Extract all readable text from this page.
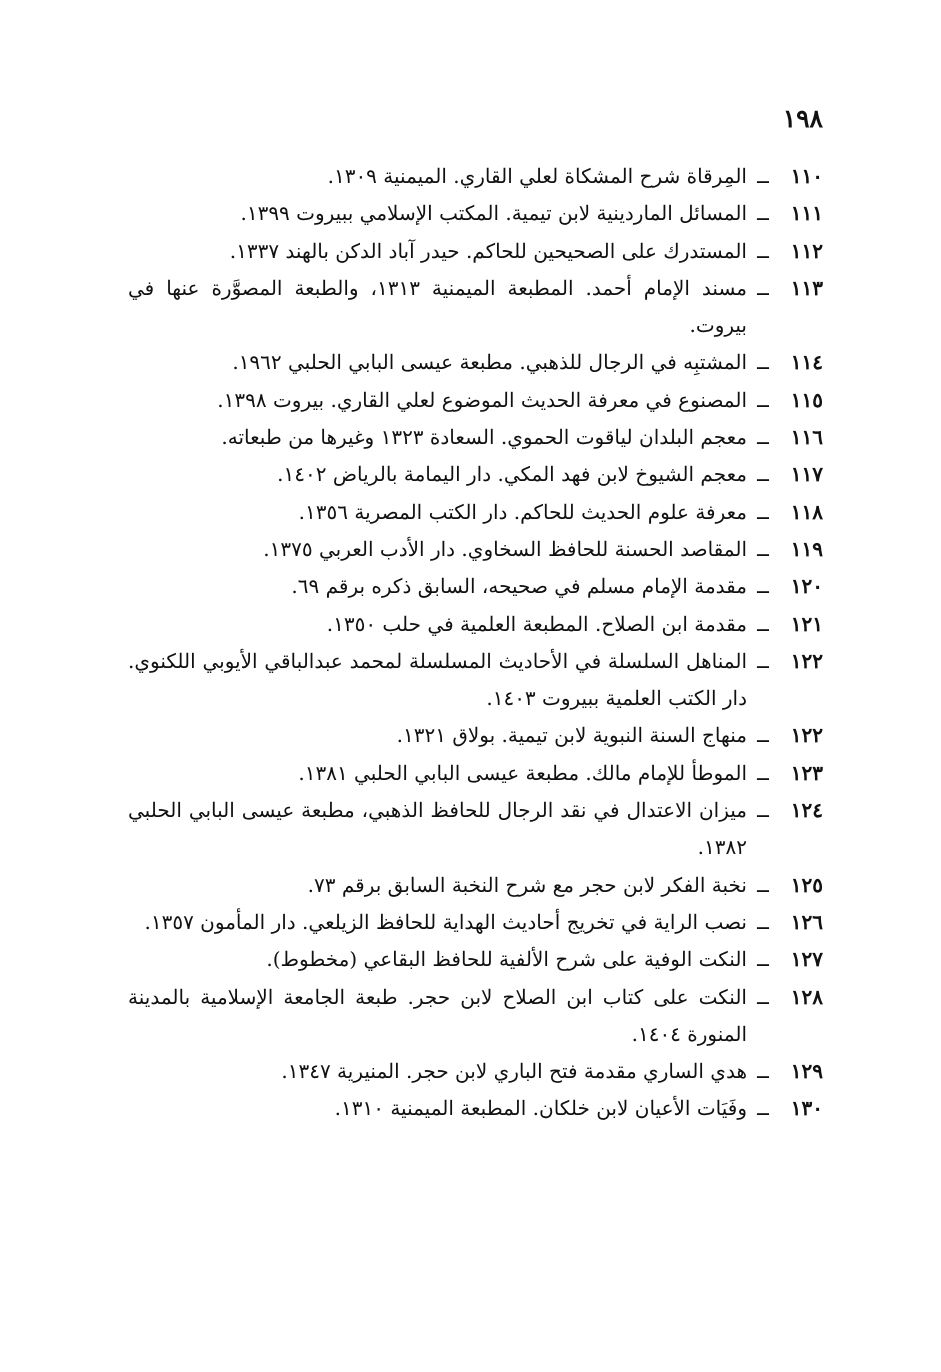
١٩٨
١١٠
ــ
المِرقاة شرح المشكاة لعلي القاري. الميمنية ١٣٠٩.
١١١
ــ
المسائل الماردينية لابن تيمية. المكتب الإسلامي ببيروت ١٣٩٩.
١١٢
ــ
المستدرك على الصحيحين للحاكم. حيدر آباد الدكن بالهند ١٣٣٧.
١١٣
ــ
مسند الإمام أحمد. المطبعة الميمنية ١٣١٣، والطبعة المصوَّرة عنها في بيروت.
١١٤
ــ
المشتبِه في الرجال للذهبي. مطبعة عيسى البابي الحلبي ١٩٦٢.
١١٥
ــ
المصنوع في معرفة الحديث الموضوع لعلي القاري. بيروت ١٣٩٨.
١١٦
ــ
معجم البلدان لياقوت الحموي. السعادة ١٣٢٣ وغيرها من طبعاته.
١١٧
ــ
معجم الشيوخ لابن فهد المكي. دار اليمامة بالرياض ١٤٠٢.
١١٨
ــ
معرفة علوم الحديث للحاكم. دار الكتب المصرية ١٣٥٦.
١١٩
ــ
المقاصد الحسنة للحافظ السخاوي. دار الأدب العربي ١٣٧٥.
١٢٠
ــ
مقدمة الإمام مسلم في صحيحه، السابق ذكره برقم ٦٩.
١٢١
ــ
مقدمة ابن الصلاح. المطبعة العلمية في حلب ١٣٥٠.
١٢٢
ــ
المناهل السلسلة في الأحاديث المسلسلة لمحمد عبدالباقي الأيوبي اللكنوي. دار الكتب العلمية ببيروت ١٤٠٣.
١٢٢
ــ
منهاج السنة النبوية لابن تيمية. بولاق ١٣٢١.
١٢٣
ــ
الموطأ للإمام مالك. مطبعة عيسى البابي الحلبي ١٣٨١.
١٢٤
ــ
ميزان الاعتدال في نقد الرجال للحافظ الذهبي، مطبعة عيسى البابي الحلبي ١٣٨٢.
١٢٥
ــ
نخبة الفكر لابن حجر مع شرح النخبة السابق برقم ٧٣.
١٢٦
ــ
نصب الراية في تخريج أحاديث الهداية للحافظ الزيلعي. دار المأمون ١٣٥٧.
١٢٧
ــ
النكت الوفية على شرح الألفية للحافظ البقاعي (مخطوط).
١٢٨
ــ
النكت على كتاب ابن الصلاح لابن حجر. طبعة الجامعة الإسلامية بالمدينة المنورة ١٤٠٤.
١٢٩
ــ
هدي الساري مقدمة فتح الباري لابن حجر. المنيرية ١٣٤٧.
١٣٠
ــ
وفَيَات الأعيان لابن خلكان. المطبعة الميمنية ١٣١٠.
